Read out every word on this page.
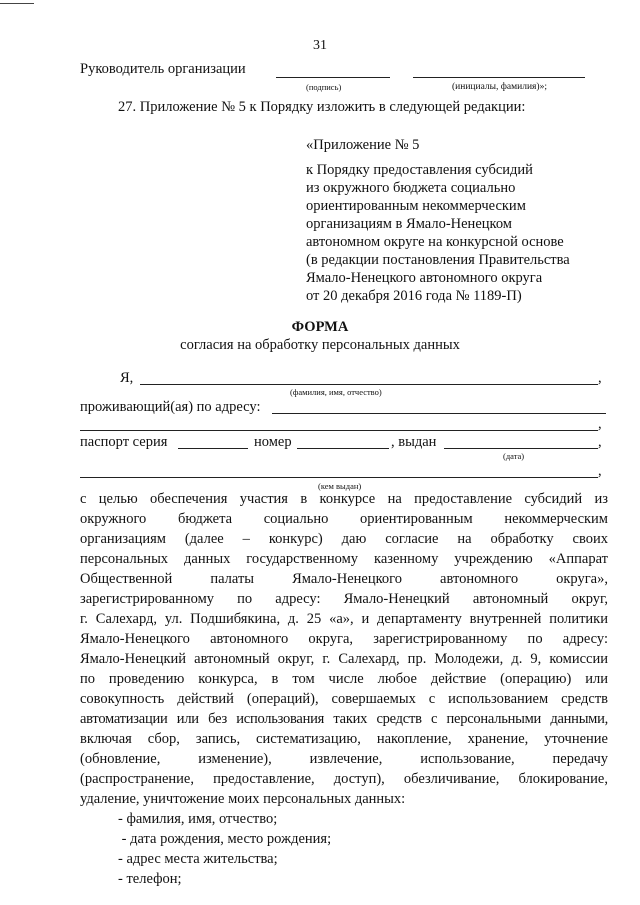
31
Руководитель организации
(подпись)	(инициалы, фамилия)»;
27. Приложение № 5 к Порядку изложить в следующей редакции:
«Приложение № 5
к Порядку предоставления субсидий
из окружного бюджета социально
ориентированным некоммерческим
организациям в Ямало-Ненецком
автономном округе на конкурсной основе
(в редакции постановления Правительства
Ямало-Ненецкого автономного округа
от 20 декабря 2016 года № 1189-П)
ФОРМА
согласия на обработку персональных данных
Я,	,
(фамилия, имя, отчество)
проживающий(ая) по адресу:
,
паспорт серия	номер	, выдан	,
(дата)
,
(кем выдан)
с целью обеспечения участия в конкурсе на предоставление субсидий из
окружного бюджета социально ориентированным некоммерческим
организациям (далее – конкурс) даю согласие на обработку своих
персональных данных государственному казенному учреждению «Аппарат
Общественной палаты Ямало-Ненецкого автономного округа»,
зарегистрированному по адресу: Ямало-Ненецкий автономный округ,
г. Салехард, ул. Подшибякина, д. 25 «а», и департаменту внутренней политики
Ямало-Ненецкого автономного округа, зарегистрированному по адресу:
Ямало-Ненецкий автономный округ, г. Салехард, пр. Молодежи, д. 9, комиссии
по проведению конкурса, в том числе любое действие (операцию) или
совокупность действий (операций), совершаемых с использованием средств
автоматизации или без использования таких средств с персональными данными,
включая сбор, запись, систематизацию, накопление, хранение, уточнение
(обновление, изменение), извлечение, использование, передачу
(распространение, предоставление, доступ), обезличивание, блокирование,
удаление, уничтожение моих персональных данных:
- фамилия, имя, отчество;
- дата рождения, место рождения;
- адрес места жительства;
- телефон;
